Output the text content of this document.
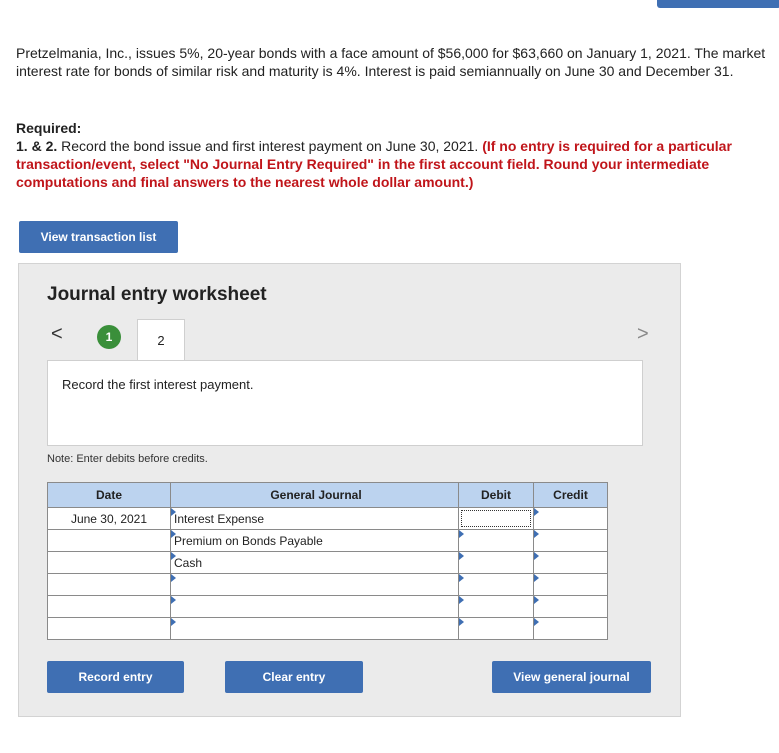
Pretzelmania, Inc., issues 5%, 20-year bonds with a face amount of $56,000 for $63,660 on January 1, 2021. The market interest rate for bonds of similar risk and maturity is 4%. Interest is paid semiannually on June 30 and December 31.
Required:
1. & 2. Record the bond issue and first interest payment on June 30, 2021. (If no entry is required for a particular transaction/event, select "No Journal Entry Required" in the first account field. Round your intermediate computations and final answers to the nearest whole dollar amount.)
View transaction list
Journal entry worksheet
<	1	2	>
Record the first interest payment.
Note: Enter debits before credits.
Date	General Journal	Debit	Credit
June 30, 2021	Interest Expense	

Premium on Bonds Payable	

Cash	

Record entry	Clear entry	View general journal
